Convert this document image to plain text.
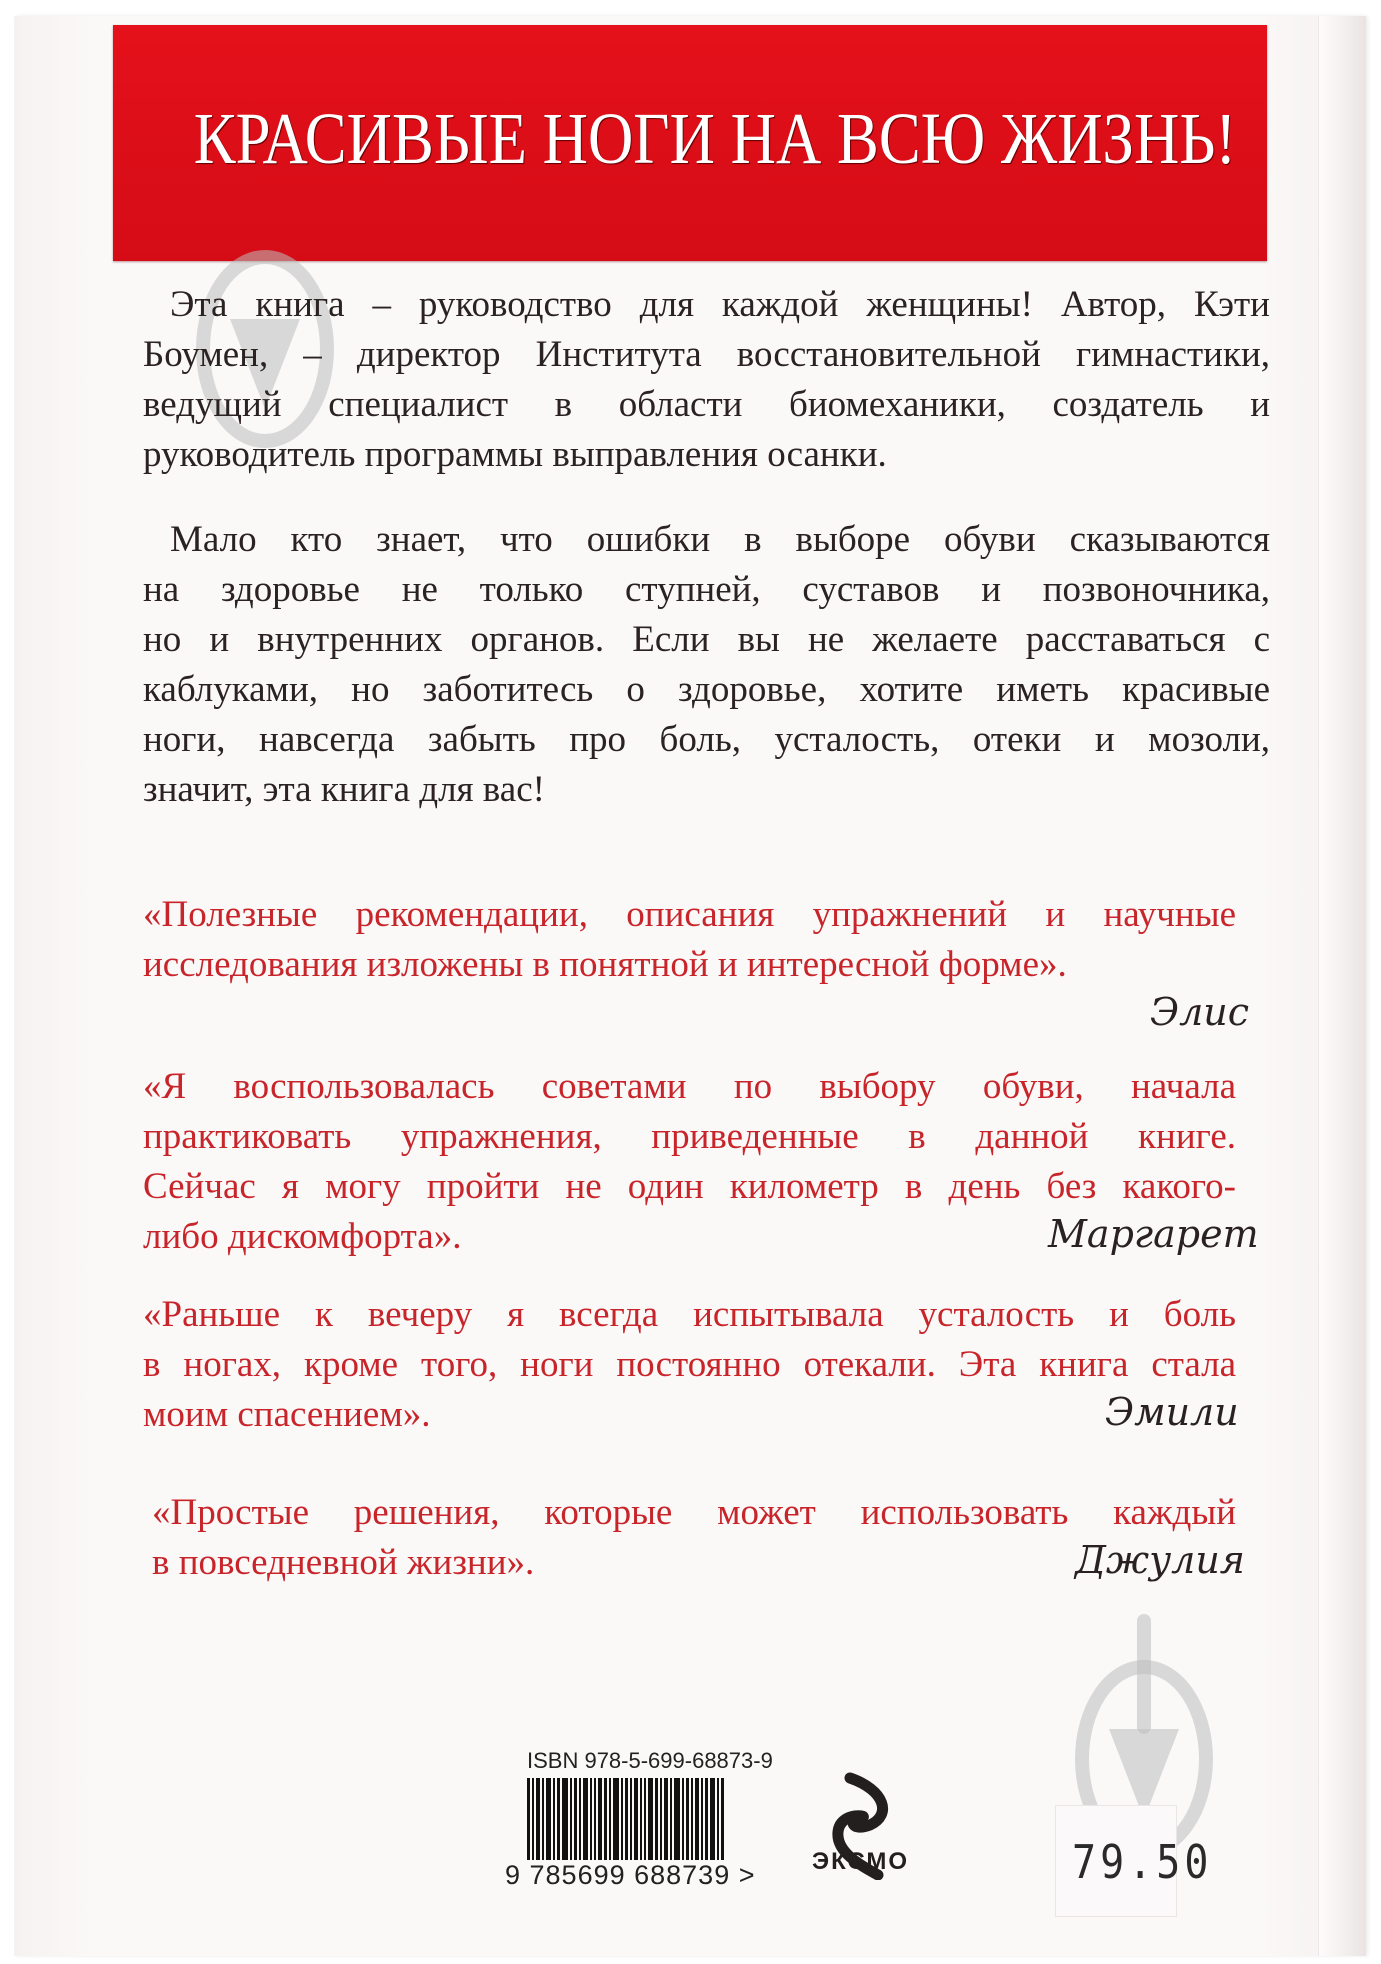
КРАСИВЫЕ НОГИ НА ВСЮ ЖИЗНЬ!
Эта книга – руководство для каждой женщины! Автор, Кэти
Боумен, – директор Института восстановительной гимнастики,
ведущий специалист в области биомеханики, создатель и
руководитель программы выправления осанки.
Мало кто знает, что ошибки в выборе обуви сказываются
на здоровье не только ступней, суставов и позвоночника,
но и внутренних органов. Если вы не желаете расставаться с
каблуками, но заботитесь о здоровье, хотите иметь красивые
ноги, навсегда забыть про боль, усталость, отеки и мозоли,
значит, эта книга для вас!
«Полезные рекомендации, описания упражнений и научные
исследования изложены в понятной и интересной форме».
Элис
«Я воспользовалась советами по выбору обуви, начала
практиковать упражнения, приведенные в данной книге.
Сейчас я могу пройти не один километр в день без какого-
либо дискомфорта».	Маргарет
«Раньше к вечеру я всегда испытывала усталость и боль
в ногах, кроме того, ноги постоянно отекали. Эта книга стала
моим спасением».	Эмили
«Простые решения, которые может использовать каждый
в повседневной жизни».	Джулия
ISBN 978-5-699-68873-9
9 785699 688739 > ЭКСМО	79.50
